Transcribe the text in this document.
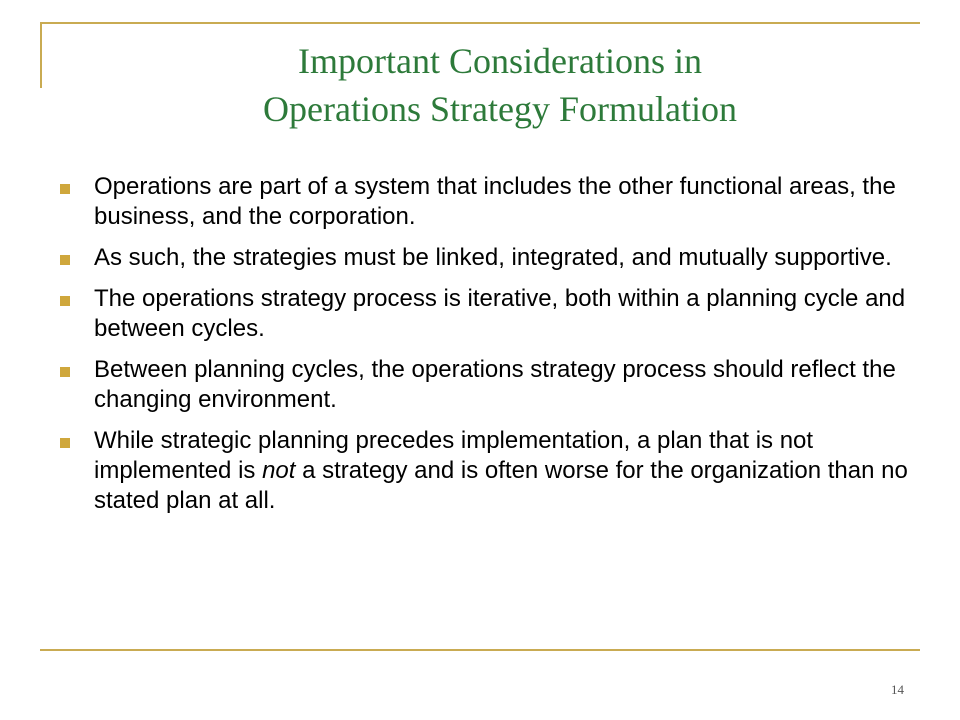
Important Considerations in
Operations Strategy Formulation
Operations are part of a system that includes the other functional areas, the business, and the corporation.
As such, the strategies must be linked, integrated, and mutually supportive.
The operations strategy process is iterative, both within a planning cycle and between cycles.
Between planning cycles, the operations strategy process should reflect the changing environment.
While strategic planning precedes implementation, a plan that is not implemented is not a strategy and is often worse for the organization than no stated plan at all.
14
